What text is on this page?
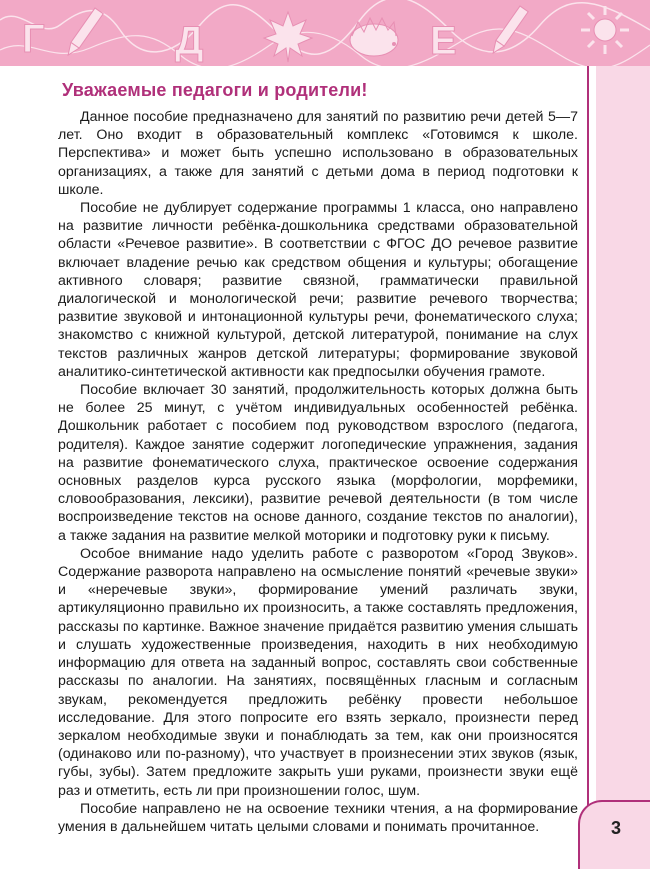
Г	Д	Е
3
Уважаемые педагоги и родители!

Данное пособие предназначено для занятий по развитию речи детей 5—7 лет. Оно входит в образовательный комплекс «Готовимся к школе. Перспектива» и может быть успешно использовано в образовательных организациях, а также для занятий с детьми дома в период подготовки к школе.

Пособие не дублирует содержание программы 1 класса, оно направлено на развитие личности ребёнка-дошкольника средствами образовательной области «Речевое развитие». В соответствии с ФГОС ДО речевое развитие включает владение речью как средством общения и культуры; обогащение активного словаря; развитие связной, грамматически правильной диалогической и монологической речи; развитие речевого творчества; развитие звуковой и интонационной культуры речи, фонематического слуха; знакомство с книжной культурой, детской литературой, понимание на слух текстов различных жанров детской литературы; формирование звуковой аналитико-синтетической активности как предпосылки обучения грамоте.

Пособие включает 30 занятий, продолжительность которых должна быть не более 25 минут, с учётом индивидуальных особенностей ребёнка. Дошкольник работает с пособием под руководством взрослого (педагога, родителя). Каждое занятие содержит логопедические упражнения, задания на развитие фонематического слуха, практическое освоение содержания основных разделов курса русского языка (морфологии, морфемики, словообразования, лексики), развитие речевой деятельности (в том числе воспроизведение текстов на основе данного, создание текстов по аналогии), а также задания на развитие мелкой моторики и подготовку руки к письму.

Особое внимание надо уделить работе с разворотом «Город Звуков». Содержание разворота направлено на осмысление понятий «речевые звуки» и «неречевые звуки», формирование умений различать звуки, артикуляционно правильно их произносить, а также составлять предложения, рассказы по картинке. Важное значение придаётся развитию умения слышать и слушать художественные произведения, находить в них необходимую информацию для ответа на заданный вопрос, составлять свои собственные рассказы по аналогии. На занятиях, посвящённых гласным и согласным звукам, рекомендуется предложить ребёнку провести небольшое исследование. Для этого попросите его взять зеркало, произнести перед зеркалом необходимые звуки и понаблюдать за тем, как они произносятся (одинаково или по-разному), что участвует в произнесении этих звуков (язык, губы, зубы). Затем предложите закрыть уши руками, произнести звуки ещё раз и отметить, есть ли при произношении голос, шум.

Пособие направлено не на освоение техники чтения, а на формирование умения в дальнейшем читать целыми словами и понимать прочитанное.
